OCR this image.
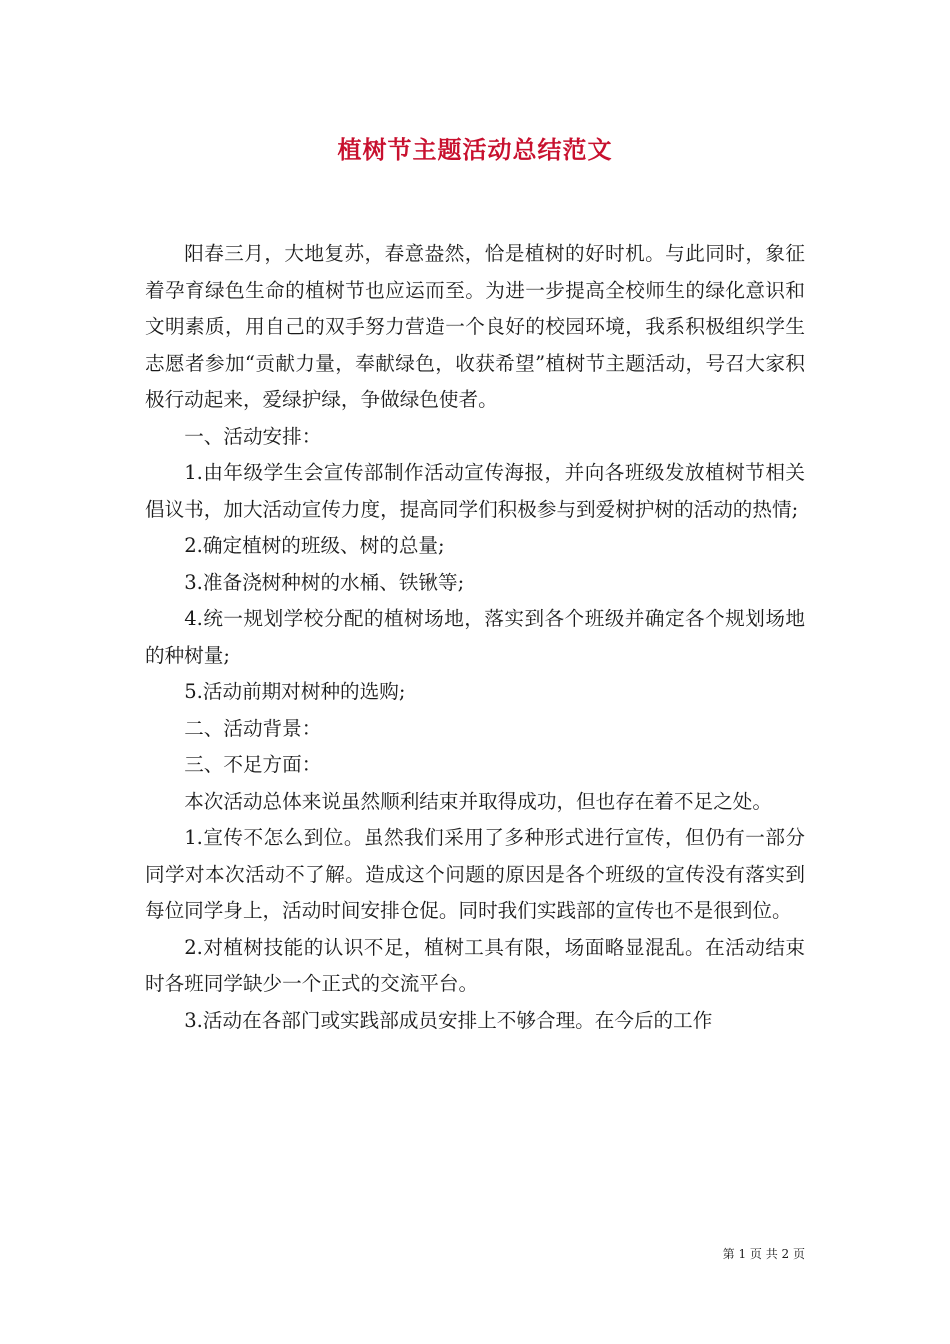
植树节主题活动总结范文

阳春三月，大地复苏，春意盎然，恰是植树的好时机。与此同时，象征着孕育绿色生命的植树节也应运而至。为进一步提高全校师生的绿化意识和文明素质，用自己的双手努力营造一个良好的校园环境，我系积极组织学生志愿者参加“贡献力量，奉献绿色，收获希望”植树节主题活动，号召大家积极行动起来，爱绿护绿，争做绿色使者。

一、活动安排：

1.由年级学生会宣传部制作活动宣传海报，并向各班级发放植树节相关倡议书，加大活动宣传力度，提高同学们积极参与到爱树护树的活动的热情;

2.确定植树的班级、树的总量;

3.准备浇树种树的水桶、铁锹等;

4.统一规划学校分配的植树场地，落实到各个班级并确定各个规划场地的种树量;

5.活动前期对树种的选购;

二、活动背景：

三、不足方面：

本次活动总体来说虽然顺利结束并取得成功，但也存在着不足之处。

1.宣传不怎么到位。虽然我们采用了多种形式进行宣传，但仍有一部分同学对本次活动不了解。造成这个问题的原因是各个班级的宣传没有落实到每位同学身上，活动时间安排仓促。同时我们实践部的宣传也不是很到位。

2.对植树技能的认识不足，植树工具有限，场面略显混乱。在活动结束时各班同学缺少一个正式的交流平台。

3.活动在各部门或实践部成员安排上不够合理。在今后的工作

第 1 页 共 2 页
